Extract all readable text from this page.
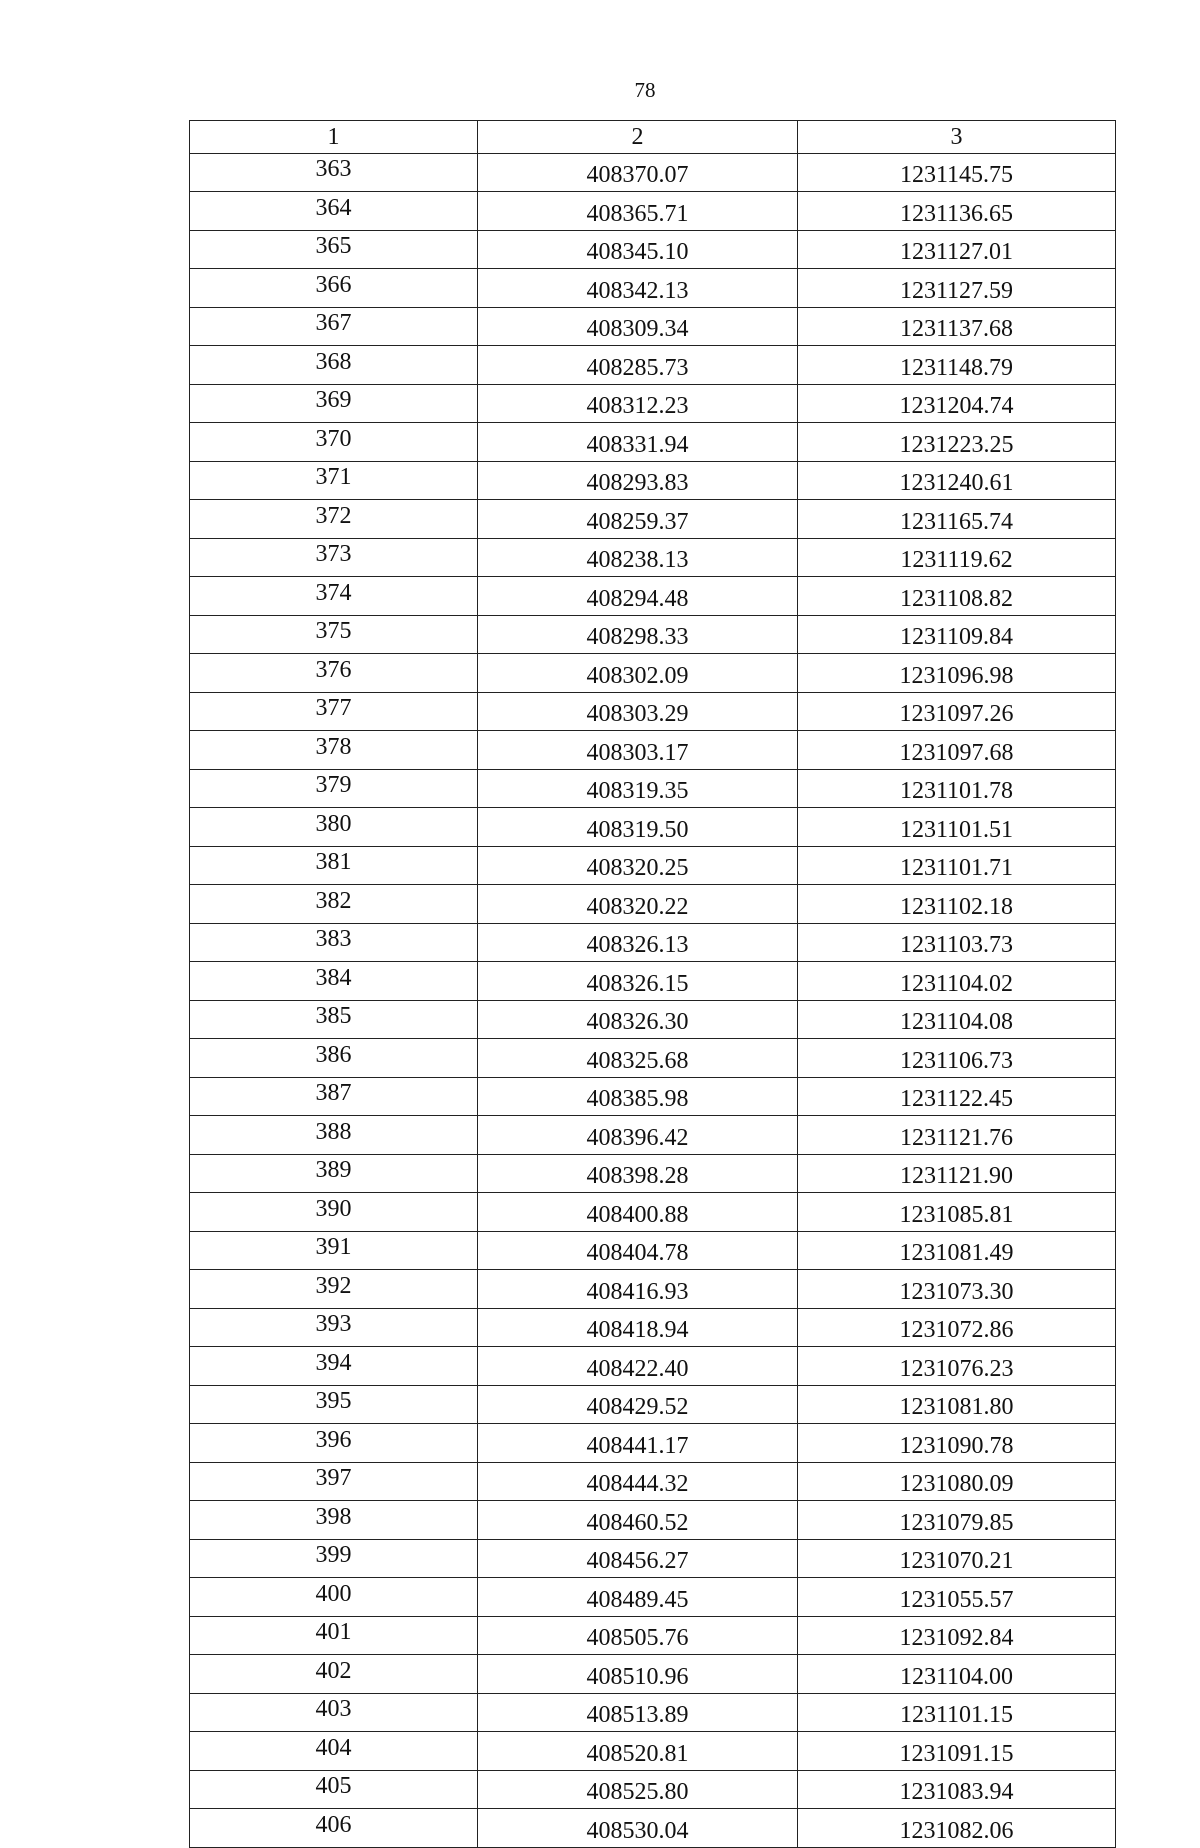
78
1	2	3
363	408370.07	1231145.75
364	408365.71	1231136.65
365	408345.10	1231127.01
366	408342.13	1231127.59
367	408309.34	1231137.68
368	408285.73	1231148.79
369	408312.23	1231204.74
370	408331.94	1231223.25
371	408293.83	1231240.61
372	408259.37	1231165.74
373	408238.13	1231119.62
374	408294.48	1231108.82
375	408298.33	1231109.84
376	408302.09	1231096.98
377	408303.29	1231097.26
378	408303.17	1231097.68
379	408319.35	1231101.78
380	408319.50	1231101.51
381	408320.25	1231101.71
382	408320.22	1231102.18
383	408326.13	1231103.73
384	408326.15	1231104.02
385	408326.30	1231104.08
386	408325.68	1231106.73
387	408385.98	1231122.45
388	408396.42	1231121.76
389	408398.28	1231121.90
390	408400.88	1231085.81
391	408404.78	1231081.49
392	408416.93	1231073.30
393	408418.94	1231072.86
394	408422.40	1231076.23
395	408429.52	1231081.80
396	408441.17	1231090.78
397	408444.32	1231080.09
398	408460.52	1231079.85
399	408456.27	1231070.21
400	408489.45	1231055.57
401	408505.76	1231092.84
402	408510.96	1231104.00
403	408513.89	1231101.15
404	408520.81	1231091.15
405	408525.80	1231083.94
406	408530.04	1231082.06
